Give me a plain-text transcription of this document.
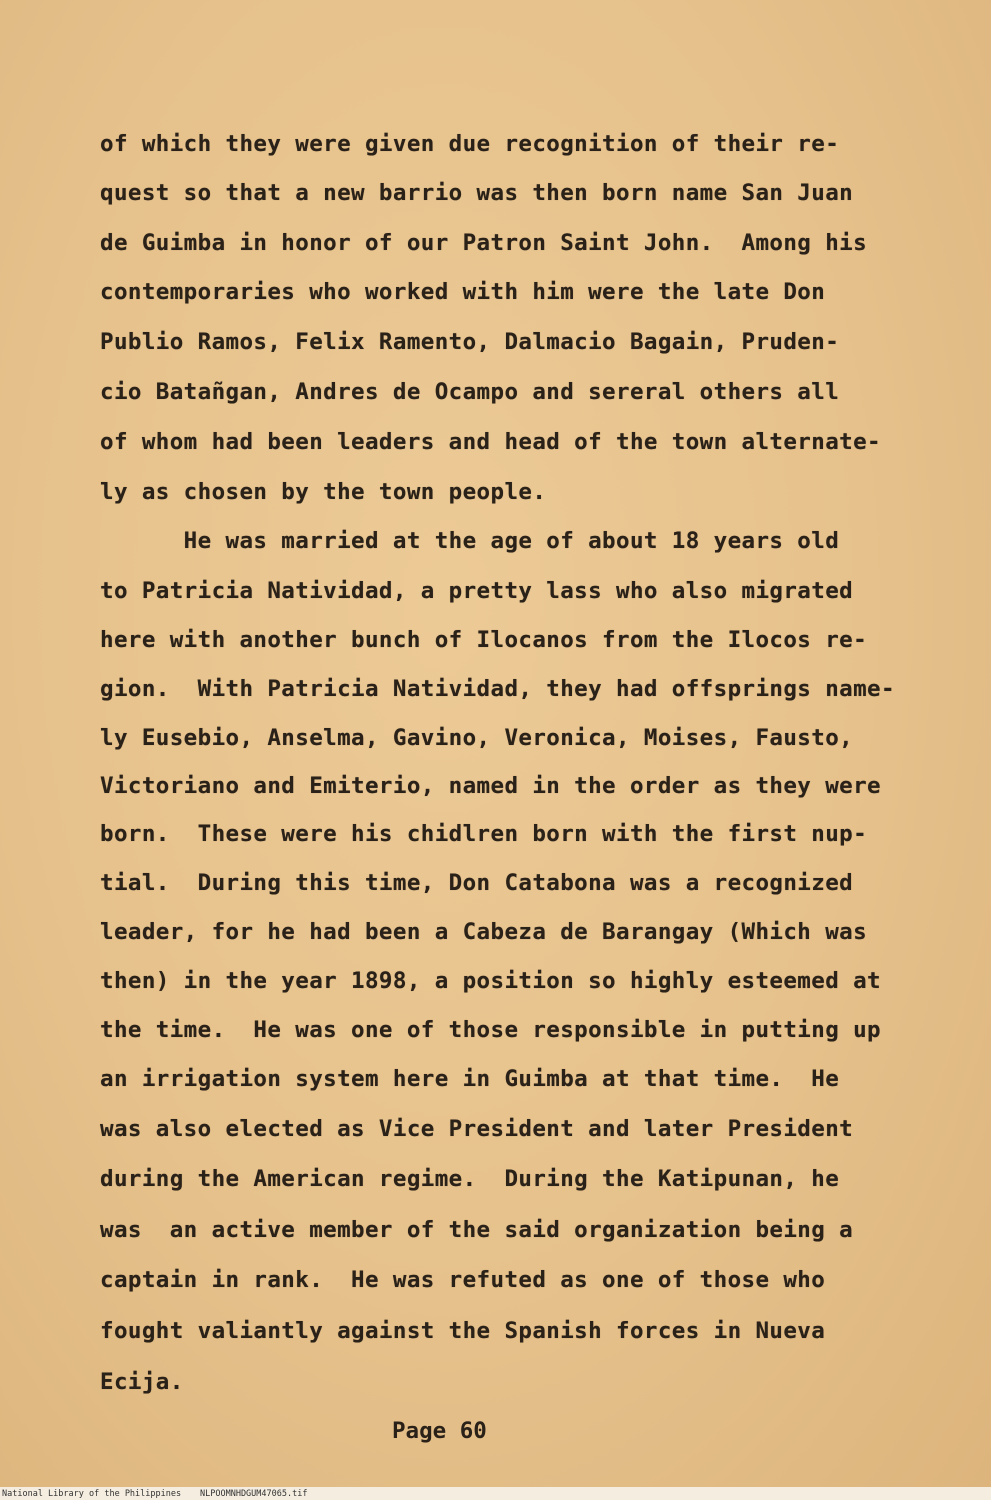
of which they were given due recognition of their re-
quest so that a new barrio was then born name San Juan
de Guimba in honor of our Patron Saint John.  Among his
contemporaries who worked with him were the late Don
Publio Ramos, Felix Ramento, Dalmacio Bagain, Pruden-
cio Batañgan, Andres de Ocampo and sereral others all
of whom had been leaders and head of the town alternate-
ly as chosen by the town people.
He was married at the age of about 18 years old
to Patricia Natividad, a pretty lass who also migrated
here with another bunch of Ilocanos from the Ilocos re-
gion.  With Patricia Natividad, they had offsprings name-
ly Eusebio, Anselma, Gavino, Veronica, Moises, Fausto,
Victoriano and Emiterio, named in the order as they were
born.  These were his chidlren born with the first nup-
tial.  During this time, Don Catabona was a recognized
leader, for he had been a Cabeza de Barangay (Which was
then) in the year 1898, a position so highly esteemed at
the time.  He was one of those responsible in putting up
an irrigation system here in Guimba at that time.  He
was also elected as Vice President and later President
during the American regime.  During the Katipunan, he
was  an active member of the said organization being a
captain in rank.  He was refuted as one of those who
fought valiantly against the Spanish forces in Nueva
Ecija.
Page 60
National Library of the Philippines NLPOOMNHDGUM47065.tif
